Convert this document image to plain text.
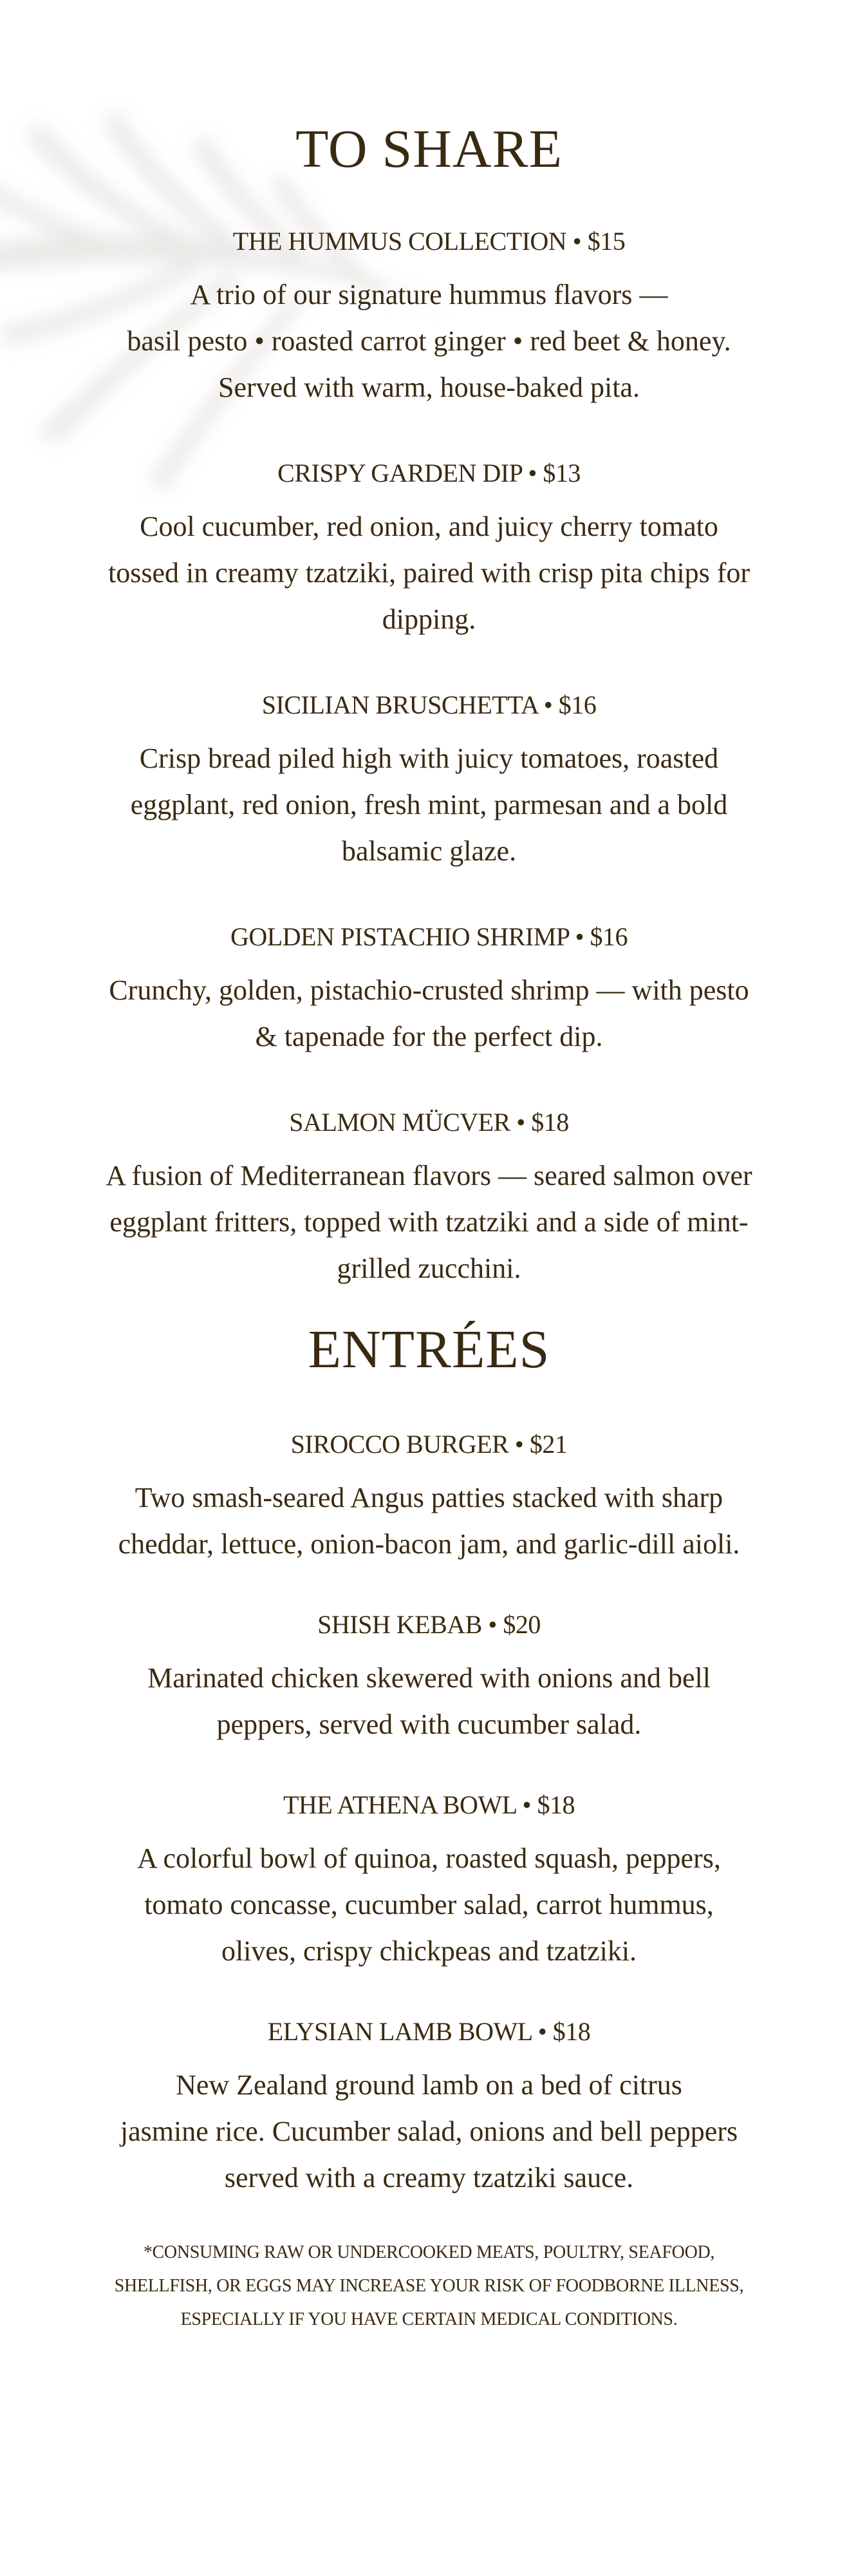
TO SHARE
THE HUMMUS COLLECTION • $15

A trio of our signature hummus flavors —
basil pesto • roasted carrot ginger • red beet & honey.
Served with warm, house-baked pita.

CRISPY GARDEN DIP • $13

Cool cucumber, red onion, and juicy cherry tomato
tossed in creamy tzatziki, paired with crisp pita chips for
dipping.

SICILIAN BRUSCHETTA • $16

Crisp bread piled high with juicy tomatoes, roasted
eggplant, red onion, fresh mint, parmesan and a bold
balsamic glaze.

GOLDEN PISTACHIO SHRIMP • $16

Crunchy, golden, pistachio-crusted shrimp — with pesto
& tapenade for the perfect dip.

SALMON MÜCVER • $18

A fusion of Mediterranean flavors — seared salmon over
eggplant fritters, topped with tzatziki and a side of mint-
grilled zucchini.

ENTRÉES
SIROCCO BURGER • $21

Two smash-seared Angus patties stacked with sharp
cheddar, lettuce, onion-bacon jam, and garlic-dill aioli.

SHISH KEBAB • $20

Marinated chicken skewered with onions and bell
peppers, served with cucumber salad.

THE ATHENA BOWL • $18

A colorful bowl of quinoa, roasted squash, peppers,
tomato concasse, cucumber salad, carrot hummus,
olives, crispy chickpeas and tzatziki.

ELYSIAN LAMB BOWL • $18

New Zealand ground lamb on a bed of citrus
jasmine rice. Cucumber salad, onions and bell peppers
served with a creamy tzatziki sauce.

*CONSUMING RAW OR UNDERCOOKED MEATS, POULTRY, SEAFOOD,
SHELLFISH, OR EGGS MAY INCREASE YOUR RISK OF FOODBORNE ILLNESS,
ESPECIALLY IF YOU HAVE CERTAIN MEDICAL CONDITIONS.
